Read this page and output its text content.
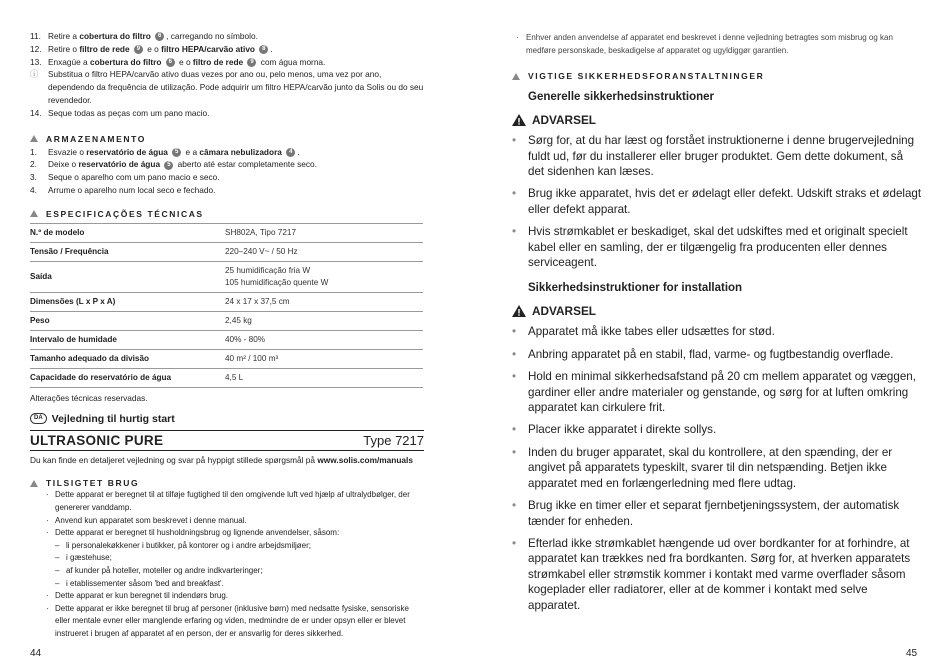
11. Retire a cobertura do filtro 6 , carregando no símbolo.
12. Retire o filtro de rede 9 e o filtro HEPA/carvão ativo 8 .
13. Enxagúe a cobertura do filtro 6 e o filtro de rede 9 com água morna.
ⓘ Substitua o filtro HEPA/carvão ativo duas vezes por ano ou, pelo menos, uma vez por ano, dependendo da frequência de utilização. Pode adquirir um filtro HEPA/carvão junto da Solis ou do seu revendedor.
14. Seque todas as peças com um pano macio.
ARMAZENAMENTO
1. Esvazie o reservatório de água 5 e a câmara nebulizadora 4 .
2. Deixe o reservatório de água 5 aberto até estar completamente seco.
3. Seque o aparelho com um pano macio e seco.
4. Arrume o aparelho num local seco e fechado.
ESPECIFICAÇÕES TÉCNICAS
N.º de modelo	SH802A, Tipo 7217
Tensão / Frequência	220–240 V~ / 50 Hz
Saída	25 humidificação fria W
105 humidificação quente W

Dimensões (L x P x A)	24 x 17 x 37,5 cm
Peso	2,45 kg
Intervalo de humidade	40% - 80%
Tamanho adequado da divisão	40 m² / 100 m³
Capacidade do reservatório de água	4,5 L
Alterações técnicas reservadas.
DA Vejledning til hurtig start
ULTRASONIC PURE	Type 7217
Du kan finde en detaljeret vejledning og svar på hyppigt stillede spørgsmål på www.solis.com/manuals
TILSIGTET BRUG
· Dette apparat er beregnet til at tilføje fugtighed til den omgivende luft ved hjælp af ultralydbølger, der genererer vanddamp.
· Anvend kun apparatet som beskrevet i denne manual.
· Dette apparat er beregnet til husholdningsbrug og lignende anvendelser, såsom:
– li personalekøkkener i butikker, på kontorer og i andre arbejdsmiljøer;
– i gæstehuse;
– af kunder på hoteller, moteller og andre indkvarteringer;
– i etablissementer såsom 'bed and breakfast'.
· Dette apparat er kun beregnet til indendørs brug.
· Dette apparat er ikke beregnet til brug af personer (inklusive børn) med nedsatte fysiske, sensoriske eller mentale evner eller manglende erfaring og viden, medmindre de er under opsyn eller er blevet instrueret i brugen af apparatet af en person, der er ansvarlig for deres sikkerhed.
44
· Enhver anden anvendelse af apparatet end beskrevet i denne vejledning betragtes som misbrug og kan medføre personskade, beskadigelse af apparatet og ugyldiggør garantien.
VIGTIGE SIKKERHEDSFORANSTALTNINGER
Generelle sikkerhedsinstruktioner
ADVARSEL
• Sørg for, at du har læst og forstået instruktionerne i denne brugervejledning fuldt ud, før du installerer eller bruger produktet. Gem dette dokument, så det sidenhen kan læses.
• Brug ikke apparatet, hvis det er ødelagt eller defekt. Udskift straks et ødelagt eller defekt apparat.
• Hvis strømkablet er beskadiget, skal det udskiftes med et originalt specielt kabel eller en samling, der er tilgængelig fra producenten eller dennes serviceagent.
Sikkerhedsinstruktioner for installation
ADVARSEL
• Apparatet må ikke tabes eller udsættes for stød.
• Anbring apparatet på en stabil, flad, varme- og fugtbestandig overflade.
• Hold en minimal sikkerhedsafstand på 20 cm mellem apparatet og væggen, gardiner eller andre materialer og genstande, og sørg for at luften omkring apparatet kan cirkulere frit.
• Placer ikke apparatet i direkte sollys.
• Inden du bruger apparatet, skal du kontrollere, at den spænding, der er angivet på apparatets typeskilt, svarer til din netspænding. Betjen ikke apparatet med en forlængerledning med flere udtag.
• Brug ikke en timer eller et separat fjernbetjeningssystem, der automatisk tænder for enheden.
• Efterlad ikke strømkablet hængende ud over bordkanter for at forhindre, at apparatet kan trækkes ned fra bordkanten. Sørg for, at hverken apparatets strømkabel eller strømstik kommer i kontakt med varme overflader såsom kogeplader eller radiatorer, eller at de kommer i kontakt med selve apparatet.
45
